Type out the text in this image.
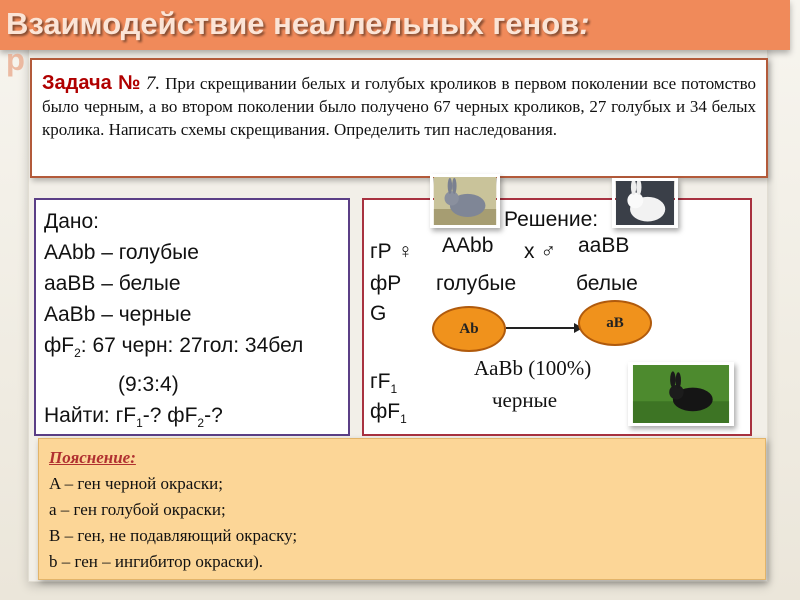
Взаимодействие неаллельных генов:
р
Задача № 7. При скрещивании белых и голубых кроликов в первом поколении все потомство было черным, а во втором поколении было получено 67 черных кроликов, 27 голубых и 34 белых кролика. Написать схемы скрещивания. Определить тип наследования.
Дано:
AAbb – голубые
aaBB – белые
AaBb – черные
$фF_2$: 67 черн: 27гол: 34бел
(9:3:4)
Найти: $гF_1-$? $фF_2-$?
Решение:
гР ♀ AAbb x ♂ aaBB
фР голубые	белые
G
Ab	aB
$гF_1$
$фF_1$
AaBb (100%)
черные
Пояснение:
A – ген черной окраски;
a – ген голубой окраски;
B – ген, не подавляющий окраску;
b – ген – ингибитор окраски).
